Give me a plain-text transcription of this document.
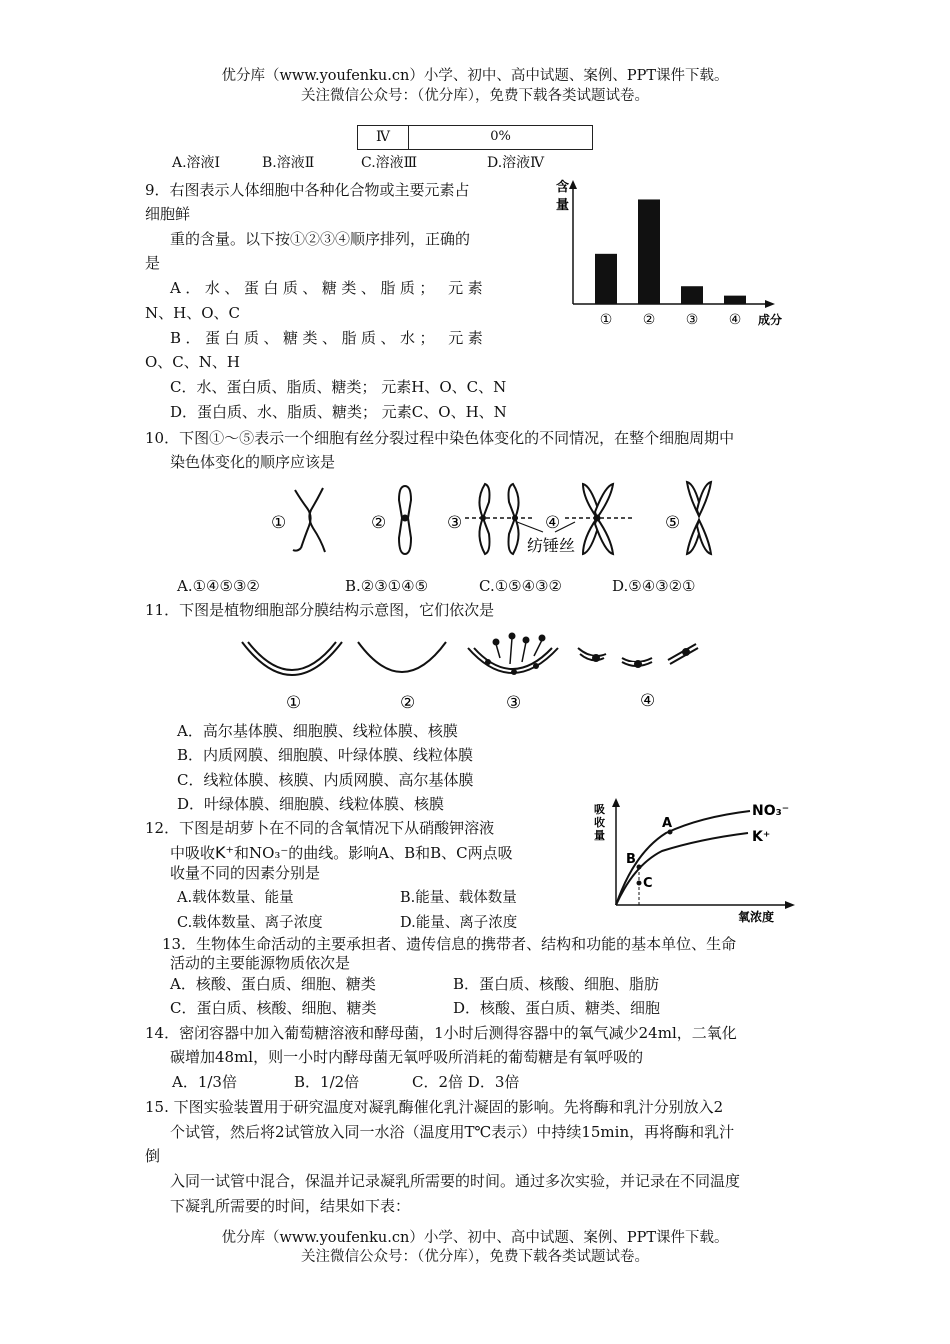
优分库（www.youfenku.cn）小学、初中、高中试题、案例、PPT课件下载。
关注微信公众号：（优分库），免费下载各类试题试卷。
Ⅳ	0%
A.溶液Ⅰ	B.溶液Ⅱ	C.溶液Ⅲ	D.溶液Ⅳ
9．右图表示人体细胞中各种化合物或主要元素占
细胞鲜
重的含量。以下按①②③④顺序排列，正确的
是
A．水、蛋白质、糖类、脂质； 元素
N、H、O、C
B．蛋白质、糖类、脂质、水； 元素
O、C、N、H
C．水、蛋白质、脂质、糖类； 元素H、O、C、N
D．蛋白质、水、脂质、糖类； 元素C、O、H、N
含
量
① ② ③ ④ 成分
10．下图①～⑤表示一个细胞有丝分裂过程中染色体变化的不同情况，在整个细胞周期中
染色体变化的顺序应该是
①	②	③	④
纺锤丝
⑤
A.①④⑤③②	B.②③①④⑤	C.①⑤④③②	D.⑤④③②①
11．下图是植物细胞部分膜结构示意图，它们依次是
①	②	③	④
A．高尔基体膜、细胞膜、线粒体膜、核膜
B．内质网膜、细胞膜、叶绿体膜、线粒体膜
C．线粒体膜、核膜、内质网膜、高尔基体膜
D．叶绿体膜、细胞膜、线粒体膜、核膜
12．下图是胡萝卜在不同的含氧情况下从硝酸钾溶液
中吸收K⁺和NO₃⁻的曲线。影响A、B和B、C两点吸
收量不同的因素分别是
A.载体数量、能量	B.能量、载体数量
C.载体数量、离子浓度	D.能量、离子浓度
吸
收
量
A
B
C
NO₃⁻
K⁺
氧浓度
13．生物体生命活动的主要承担者、遗传信息的携带者、结构和功能的基本单位、生命
活动的主要能源物质依次是
A．核酸、蛋白质、细胞、糖类	B．蛋白质、核酸、细胞、脂肪
C．蛋白质、核酸、细胞、糖类	D．核酸、蛋白质、糖类、细胞
14．密闭容器中加入葡萄糖溶液和酵母菌，1小时后测得容器中的氧气减少24ml，二氧化
碳增加48ml，则一小时内酵母菌无氧呼吸所消耗的葡萄糖是有氧呼吸的
A．1/3倍	B．1/2倍	C．2倍 D．3倍
15. 下图实验装置用于研究温度对凝乳酶催化乳汁凝固的影响。先将酶和乳汁分别放入2
个试管，然后将2试管放入同一水浴（温度用T℃表示）中持续15min，再将酶和乳汁
倒
入同一试管中混合，保温并记录凝乳所需要的时间。通过多次实验，并记录在不同温度
下凝乳所需要的时间，结果如下表：
优分库（www.youfenku.cn）小学、初中、高中试题、案例、PPT课件下载。
关注微信公众号：（优分库），免费下载各类试题试卷。
